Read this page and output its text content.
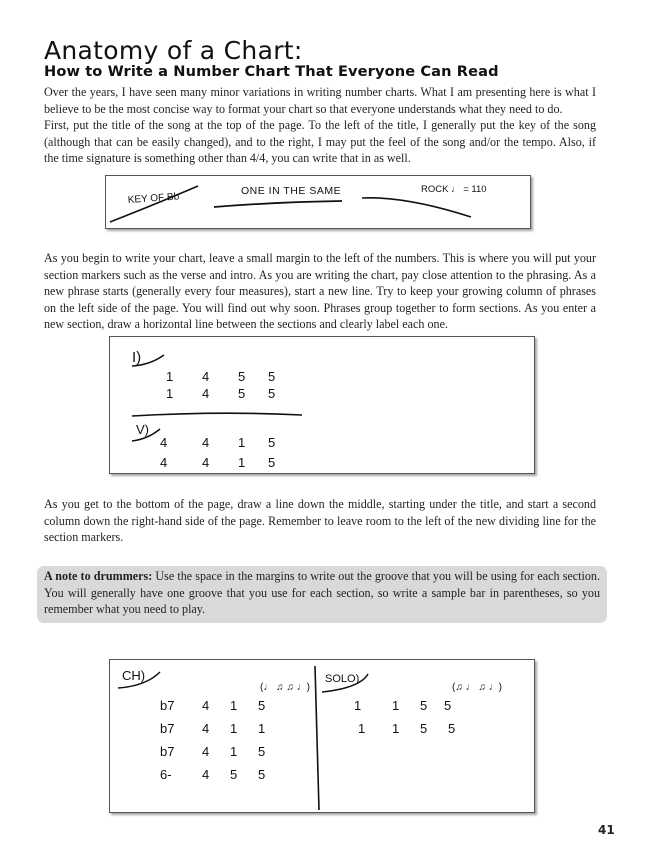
Anatomy of a Chart:
How to Write a Number Chart That Everyone Can Read

Over the years, I have seen many minor variations in writing number charts. What I am presenting here is what I believe to be the most concise way to format your chart so that everyone understands what they need to do.

First, put the title of the song at the top of the page. To the left of the title, I generally put the key of the song (although that can be easily changed), and to the right, I may put the feel of the song and/or the tempo. Also, if the time signature is something other than 4/4, you can write that in as well.

KEY OF Bb
ONE IN THE SAME	ROCK ♩ = 110

As you begin to write your chart, leave a small margin to the left of the numbers. This is where you will put your section markers such as the verse and intro. As you are writing the chart, pay close attention to the phrasing. As a new phrase starts (generally every four measures), start a new line. Try to keep your growing column of phrases on the left side of the page. You will find out why soon. Phrases group together to form sections. As you enter a new section, draw a horizontal line between the sections and clearly label each one.

I)
1 4 5 5
1 4 5 5
V)
4	4 1 5
4	4 1 5

As you get to the bottom of the page, draw a line down the middle, starting under the title, and start a second column down the right-hand side of the page. Remember to leave room to the left of the new dividing line for the section markers.

A note to drummers: Use the space in the margins to write out the groove that you will be using for each section. You will generally have one groove that you use for each section, so write a sample bar in parentheses, so you remember what you need to play.

CH)
(♩ ♫ ♫ ♩)
b7 4 1 5
b7 4 1 1
b7 4 1 5
6- 4 5 5
SOLO)
(♫ ♩ ♫ ♩)
1 1 5 5
1 1 5 5
41
